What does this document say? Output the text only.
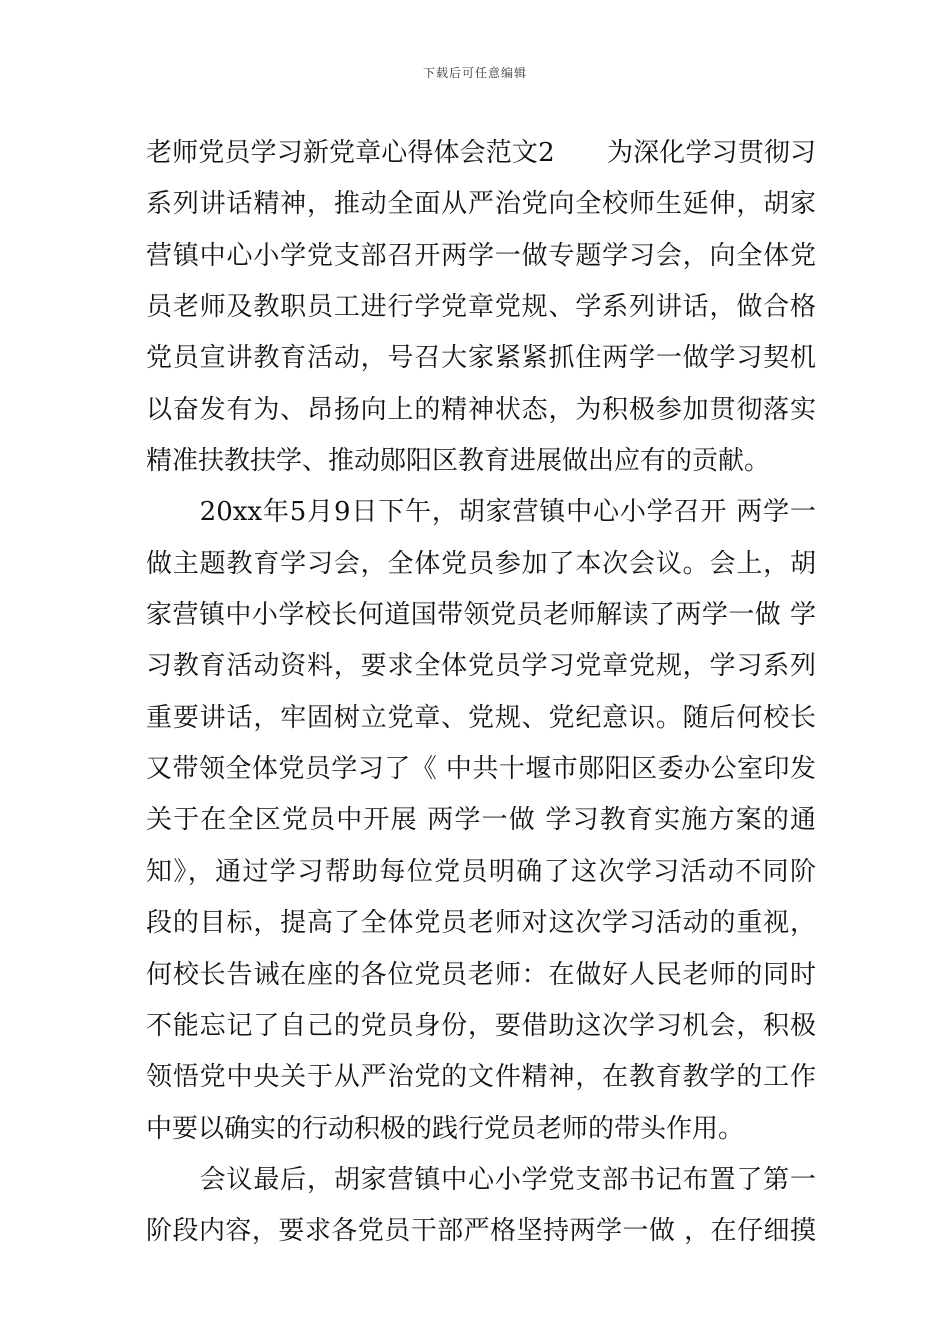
下载后可任意编辑
老师党员学习新党章心得体会范文2　　为深化学习贯彻习
系列讲话精神，推动全面从严治党向全校师生延伸，胡家
营镇中心小学党支部召开两学一做专题学习会，向全体党
员老师及教职员工进行学党章党规、学系列讲话，做合格
党员宣讲教育活动，号召大家紧紧抓住两学一做学习契机
以奋发有为、昂扬向上的精神状态，为积极参加贯彻落实
精准扶教扶学、推动郧阳区教育进展做出应有的贡献。
　　20xx年5月9日下午，胡家营镇中心小学召开 两学一
做主题教育学习会，全体党员参加了本次会议。会上，胡
家营镇中小学校长何道国带领党员老师解读了两学一做 学
习教育活动资料，要求全体党员学习党章党规，学习系列
重要讲话，牢固树立党章、党规、党纪意识。随后何校长
又带领全体党员学习了《 中共十堰市郧阳区委办公室印发
关于在全区党员中开展 两学一做 学习教育实施方案的通
知》，通过学习帮助每位党员明确了这次学习活动不同阶
段的目标，提高了全体党员老师对这次学习活动的重视，
何校长告诫在座的各位党员老师：在做好人民老师的同时
不能忘记了自己的党员身份，要借助这次学习机会，积极
领悟党中央关于从严治党的文件精神，在教育教学的工作
中要以确实的行动积极的践行党员老师的带头作用。
　　会议最后，胡家营镇中心小学党支部书记布置了第一
阶段内容，要求各党员干部严格坚持两学一做 ，在仔细摸
